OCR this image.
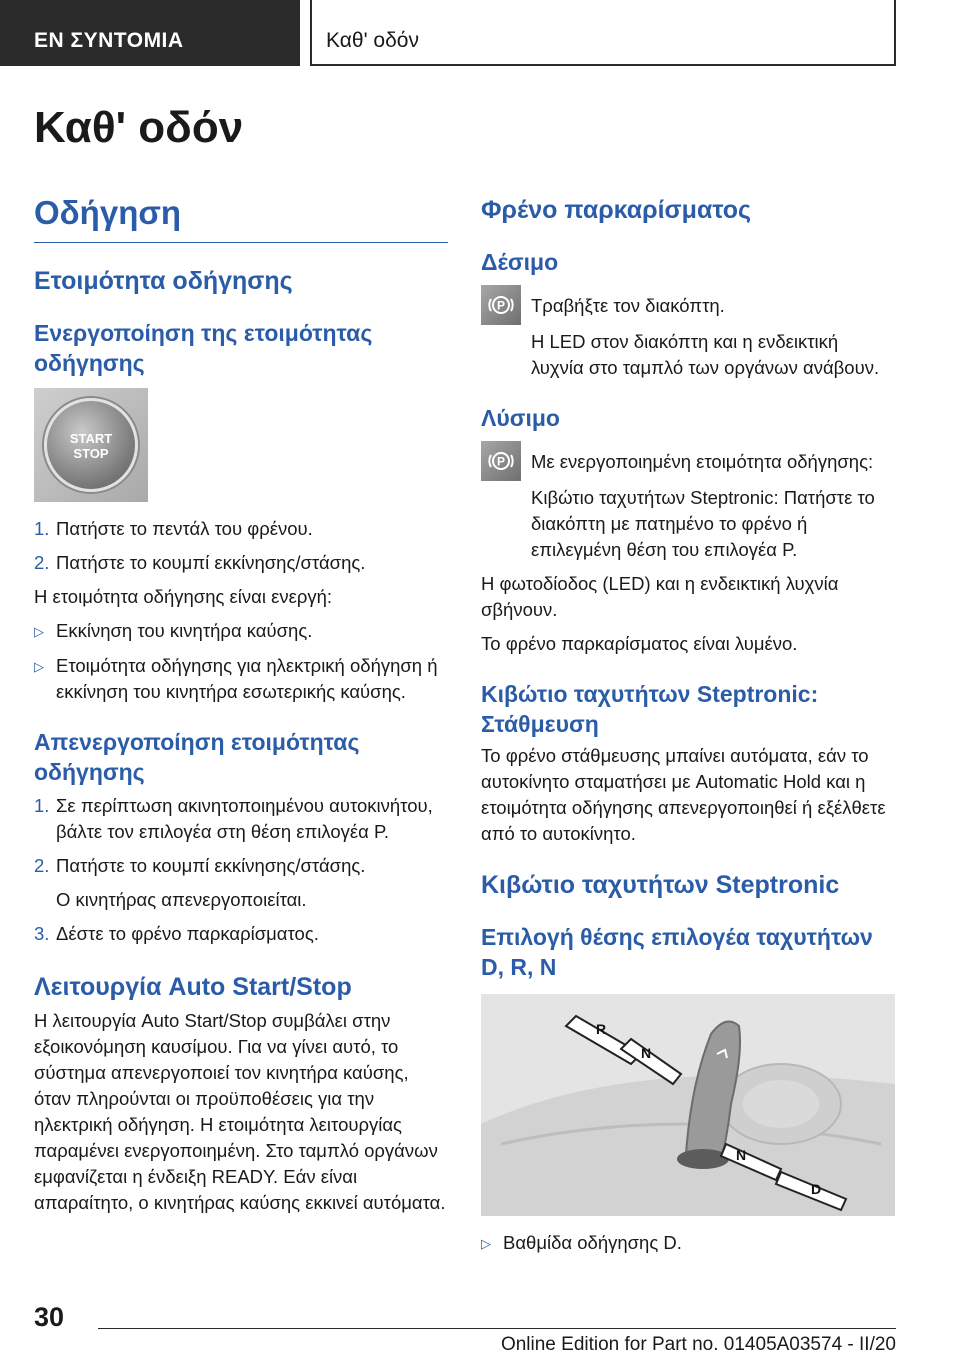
ΕΝ ΣΥΝΤΟΜΙΑ	Καθ' οδόν
Καθ' οδόν
Οδήγηση
Ετοιμότητα οδήγησης
Ενεργοποίηση της ετοιμότητας οδήγησης
START
STOP
1. Πατήστε το πεντάλ του φρένου.
2. Πατήστε το κουμπί εκκίνησης/στάσης.
Η ετοιμότητα οδήγησης είναι ενεργή:
▷ Εκκίνηση του κινητήρα καύσης.
▷ Ετοιμότητα οδήγησης για ηλεκτρική οδήγηση ή εκκίνηση του κινητήρα εσωτερικής καύσης.
Απενεργοποίηση ετοιμότητας οδήγησης
1. Σε περίπτωση ακινητοποιημένου αυτοκινήτου, βάλτε τον επιλογέα στη θέση επιλογέα P.
2. Πατήστε το κουμπί εκκίνησης/στάσης.
Ο κινητήρας απενεργοποιείται.
3. Δέστε το φρένο παρκαρίσματος.
Λειτουργία Auto Start/Stop
Η λειτουργία Auto Start/Stop συμβάλει στην εξοικονόμηση καυσίμου. Για να γίνει αυτό, το σύστημα απενεργοποιεί τον κινητήρα καύσης, όταν πληρούνται οι προϋποθέσεις για την ηλεκτρική οδήγηση. Η ετοιμότητα λειτουργίας παραμένει ενεργοποιημένη. Στο ταμπλό οργάνων εμφανίζεται η ένδειξη READY. Εάν είναι απαραίτητο, ο κινητήρας καύσης εκκινεί αυτόματα.
Φρένο παρκαρίσματος
Δέσιμο
P Τραβήξτε τον διακόπτη.
Η LED στον διακόπτη και η ενδεικτική λυχνία στο ταμπλό των οργάνων ανάβουν.
Λύσιμο
P Με ενεργοποιημένη ετοιμότητα οδήγησης:
Κιβώτιο ταχυτήτων Steptronic: Πατήστε το διακόπτη με πατημένο το φρένο ή επιλεγμένη θέση του επιλογέα P.
Η φωτοδίοδος (LED) και η ενδεικτική λυχνία σβήνουν.
Το φρένο παρκαρίσματος είναι λυμένο.
Κιβώτιο ταχυτήτων Steptronic: Στάθμευση
Το φρένο στάθμευσης μπαίνει αυτόματα, εάν το αυτοκίνητο σταματήσει με Automatic Hold και η ετοιμότητα οδήγησης απενεργοποιηθεί ή εξέλθετε από το αυτοκίνητο.
Κιβώτιο ταχυτήτων Steptronic
Επιλογή θέσης επιλογέα ταχυτήτων D, R, N
R
N
N
D
▷ Βαθμίδα οδήγησης D.
30
Online Edition for Part no. 01405A03574 - II/20
